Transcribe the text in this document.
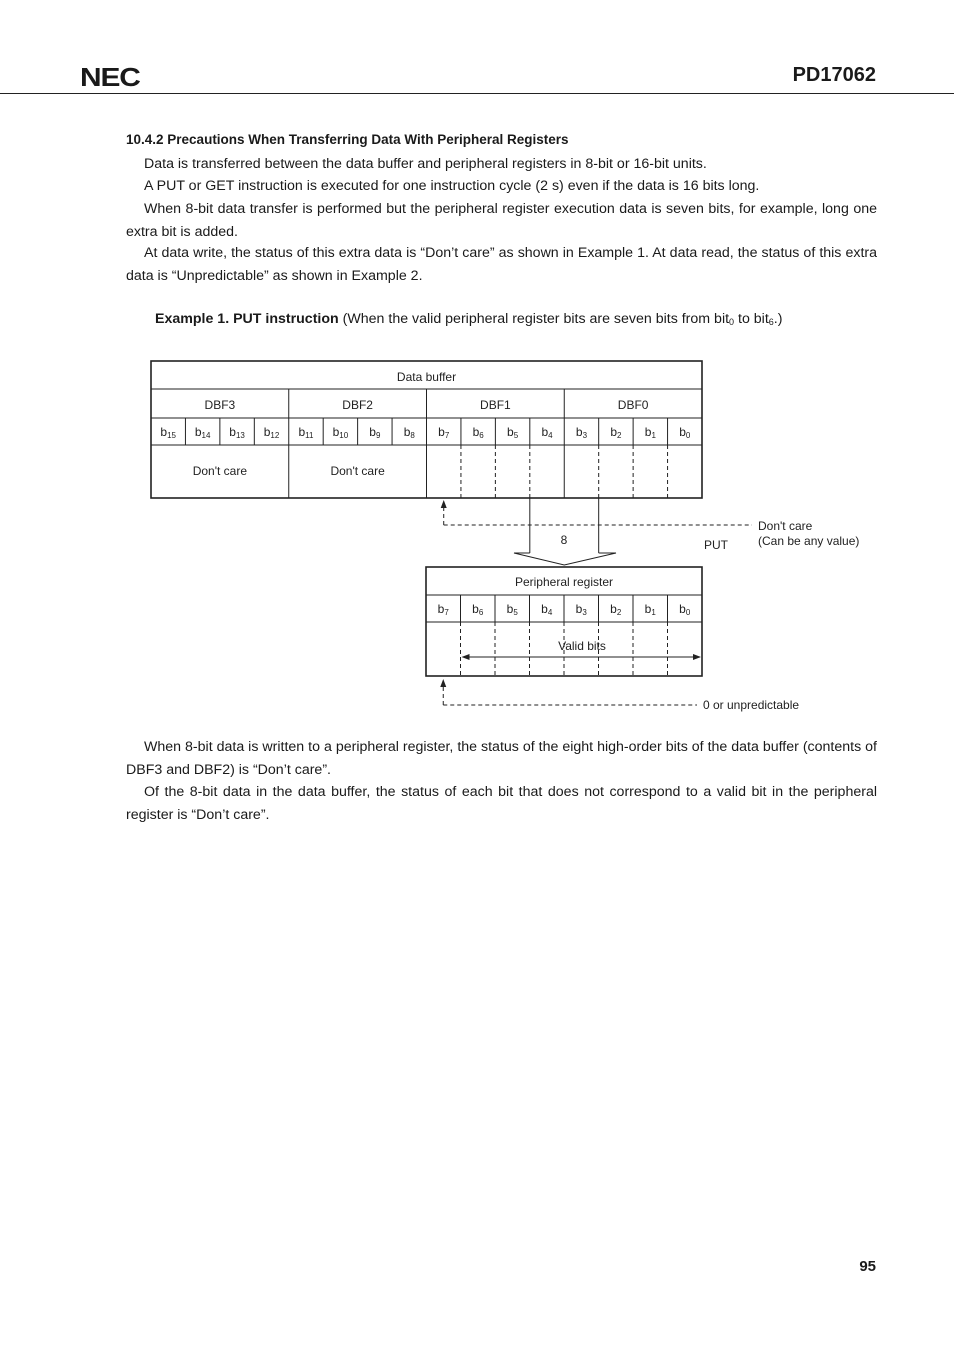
NEC	PD17062
10.4.2 Precautions When Transferring Data With Peripheral Registers
Data is transferred between the data buffer and peripheral registers in 8-bit or 16-bit units.
A PUT or GET instruction is executed for one instruction cycle (2 s) even if the data is 16 bits long.
When 8-bit data transfer is performed but the peripheral register execution data is seven bits, for example, long one extra bit is added.
At data write, the status of this extra data is “Don’t care” as shown in Example 1. At data read, the status of this extra data is “Unpredictable” as shown in Example 2.
Example 1. PUT instruction (When the valid peripheral register bits are seven bits from bit0 to bit6.)
Data buffer
DBF3	DBF2	DBF1	DBF0
b15 b14 b13 b12 b11 b10 b9 b8 b7 b6 b5 b4 b3 b2 b1 b0
Don't care	Don't care
8	PUT
Don't care
(Can be any value)
Peripheral register
b7 b6 b5 b4 b3 b2 b1 b0
Valid bits
0 or unpredictable
When 8-bit data is written to a peripheral register, the status of the eight high-order bits of the data buffer (contents of DBF3 and DBF2) is “Don’t care”.
Of the 8-bit data in the data buffer, the status of each bit that does not correspond to a valid bit in the peripheral register is “Don’t care”.
95
